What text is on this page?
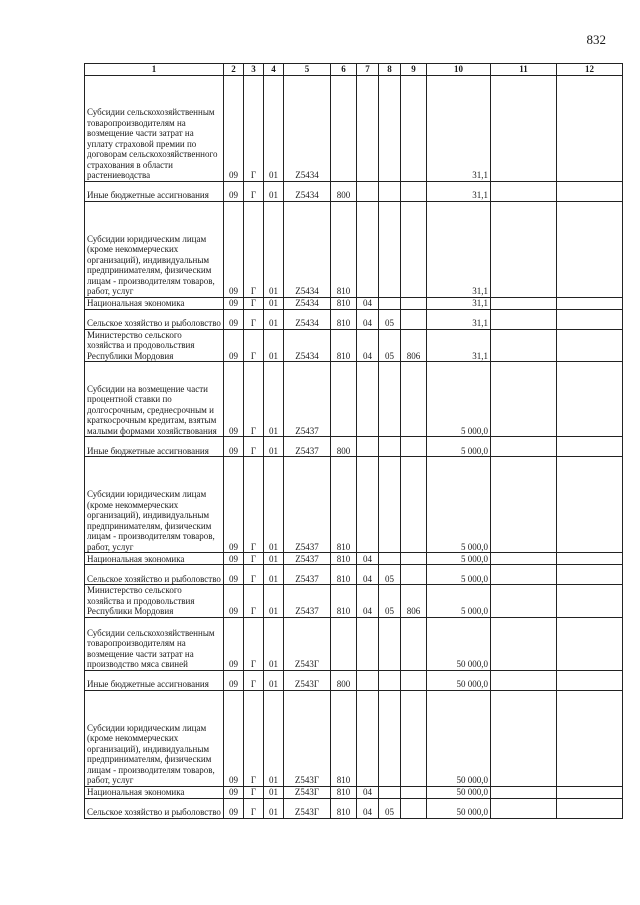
832
1	2	3	4	5	6	7	8	9	10	11	12
Субсидии сельскохозяйственным товаропроизводителям на возмещение части затрат на уплату страховой премии по договорам сельскохозяйственного страхования в области растениеводства	09	Г	01	Z5434					31,1		
Иные бюджетные ассигнования	09	Г	01	Z5434	800				31,1		
Субсидии юридическим лицам (кроме некоммерческих организаций), индивидуальным предпринимателям, физическим лицам - производителям товаров, работ, услуг	09	Г	01	Z5434	810				31,1		
Национальная экономика	09	Г	01	Z5434	810	04			31,1		
Сельское хозяйство и рыболовство	09	Г	01	Z5434	810	04	05		31,1		
Министерство сельского хозяйства и продовольствия Республики Мордовия	09	Г	01	Z5434	810	04	05	806	31,1		
Субсидии на возмещение части процентной ставки по долгосрочным, среднесрочным и краткосрочным кредитам, взятым малыми формами хозяйствования	09	Г	01	Z5437					5 000,0		
Иные бюджетные ассигнования	09	Г	01	Z5437	800				5 000,0		
Субсидии юридическим лицам (кроме некоммерческих организаций), индивидуальным предпринимателям, физическим лицам - производителям товаров, работ, услуг	09	Г	01	Z5437	810				5 000,0		
Национальная экономика	09	Г	01	Z5437	810	04			5 000,0		
Сельское хозяйство и рыболовство	09	Г	01	Z5437	810	04	05		5 000,0		
Министерство сельского хозяйства и продовольствия Республики Мордовия	09	Г	01	Z5437	810	04	05	806	5 000,0		
Субсидии сельскохозяйственным товаропроизводителям на возмещение части затрат на производство мяса свиней	09	Г	01	Z543Г					50 000,0		
Иные бюджетные ассигнования	09	Г	01	Z543Г	800				50 000,0		
Субсидии юридическим лицам (кроме некоммерческих организаций), индивидуальным предпринимателям, физическим лицам - производителям товаров, работ, услуг	09	Г	01	Z543Г	810				50 000,0		
Национальная экономика	09	Г	01	Z543Г	810	04			50 000,0		
Сельское хозяйство и рыболовство	09	Г	01	Z543Г	810	04	05		50 000,0		
